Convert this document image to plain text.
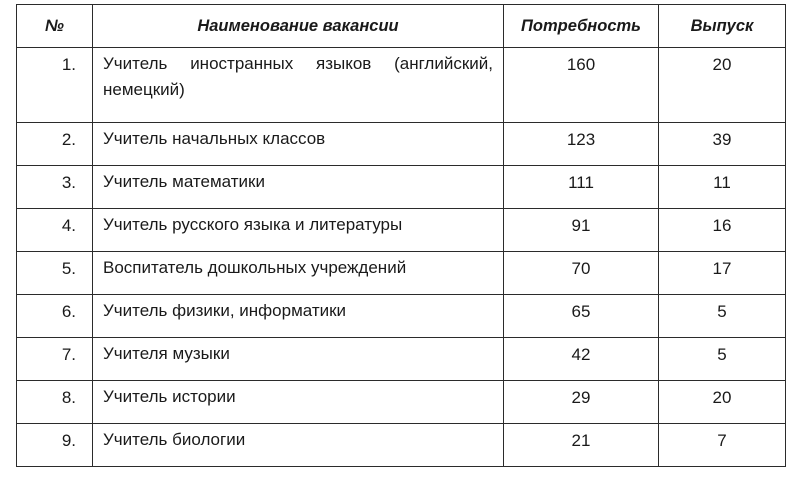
№	Наименование вакансии	Потребность	Выпуск
1.	Учитель иностранных языков (английский, немецкий)	160	20
2.	Учитель начальных классов	123	39
3.	Учитель математики	111	11
4.	Учитель русского языка и литературы	91	16
5.	Воспитатель дошкольных учреждений	70	17
6.	Учитель физики, информатики	65	5
7.	Учителя музыки	42	5
8.	Учитель истории	29	20
9.	Учитель биологии	21	7
